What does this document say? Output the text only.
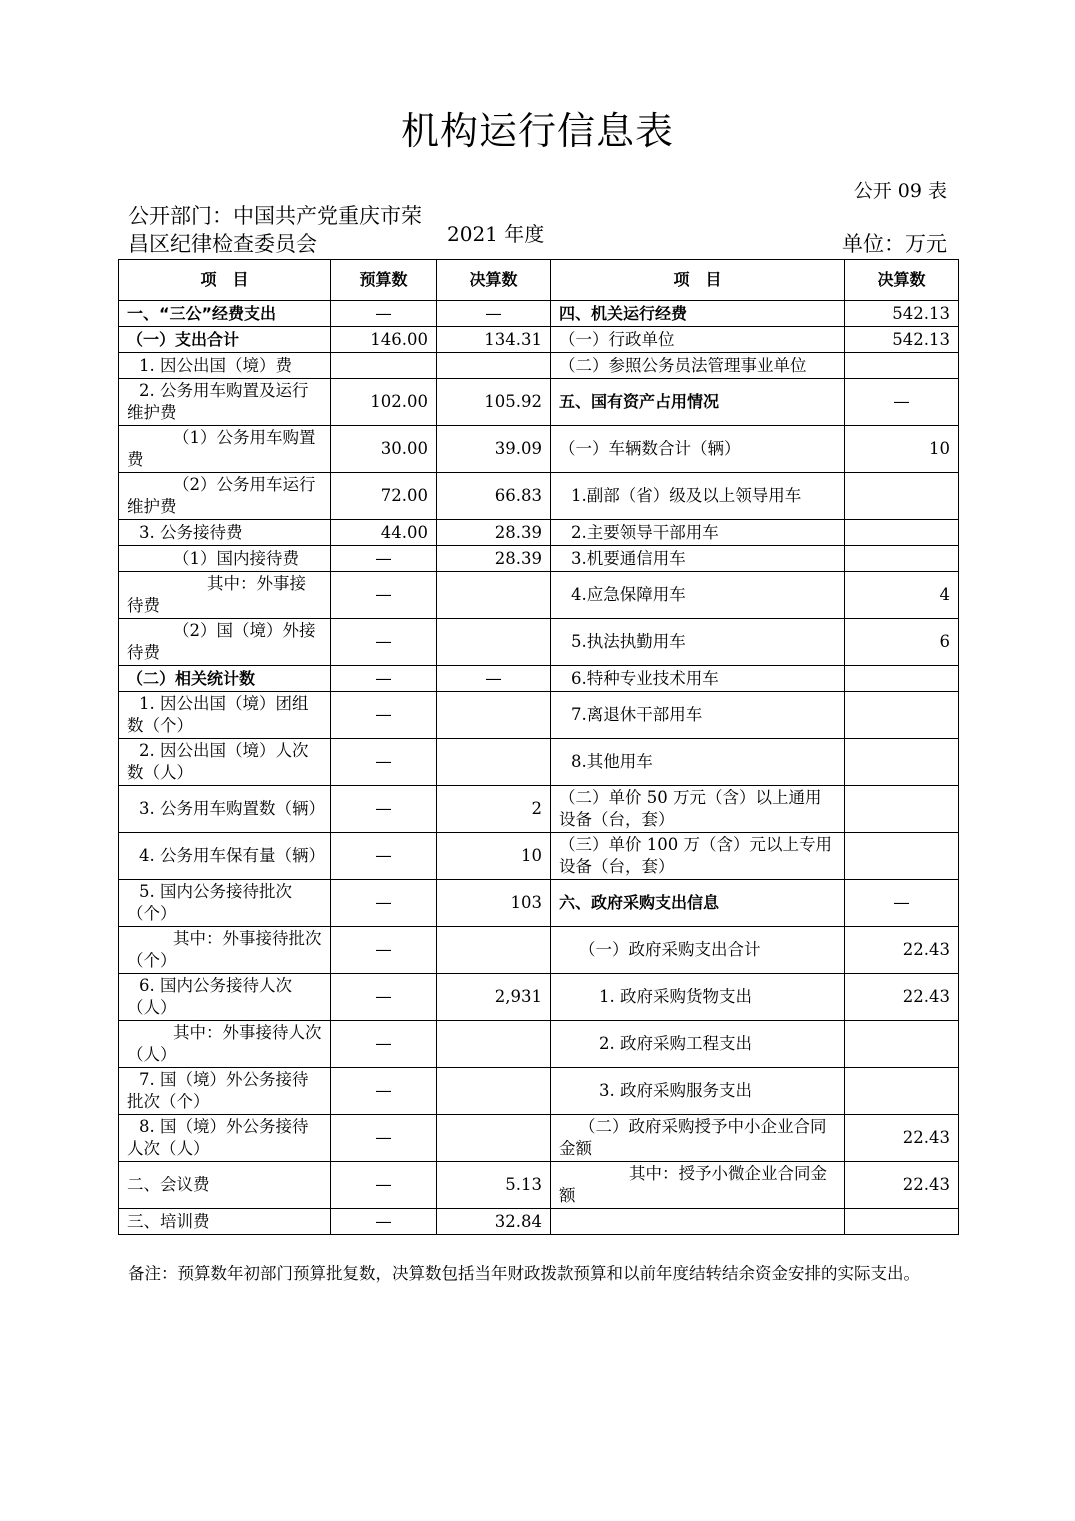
机构运行信息表
公开 09 表
公开部门：中国共产党重庆市荣昌区纪律检查委员会	2021 年度	单位：万元
项　目	预算数	决算数	项　目	决算数
一、“三公”经费支出	—	—	四、机关运行经费	542.13
（一）支出合计	146.00	134.31	（一）行政单位	542.13
1. 因公出国（境）费			（二）参照公务员法管理事业单位	
2. 公务用车购置及运行维护费	102.00	105.92	五、国有资产占用情况	—
（1）公务用车购置费	30.00	39.09	（一）车辆数合计（辆）	10
（2）公务用车运行维护费	72.00	66.83	1.副部（省）级及以上领导用车	
3. 公务接待费	44.00	28.39	2.主要领导干部用车	
（1）国内接待费	—	28.39	3.机要通信用车	
其中：外事接待费	—		4.应急保障用车	4
（2）国（境）外接待费	—		5.执法执勤用车	6
（二）相关统计数	—	—	6.特种专业技术用车	
1. 因公出国（境）团组数（个）	—		7.离退休干部用车	
2. 因公出国（境）人次数（人）	—		8.其他用车	
3. 公务用车购置数（辆）	—	2	（二）单价 50 万元（含）以上通用设备（台，套）	
4. 公务用车保有量（辆）	—	10	（三）单价 100 万（含）元以上专用设备（台，套）	
5. 国内公务接待批次（个）	—	103	六、政府采购支出信息	—
其中：外事接待批次（个）	—		（一）政府采购支出合计	22.43
6. 国内公务接待人次（人）	—	2,931	1. 政府采购货物支出	22.43
其中：外事接待人次（人）	—		2. 政府采购工程支出	
7. 国（境）外公务接待批次（个）	—		3. 政府采购服务支出	
8. 国（境）外公务接待人次（人）	—		（二）政府采购授予中小企业合同金额	22.43
二、会议费	—	5.13	其中：授予小微企业合同金额	22.43
三、培训费	—	32.84		
备注：预算数年初部门预算批复数，决算数包括当年财政拨款预算和以前年度结转结余资金安排的实际支出。
